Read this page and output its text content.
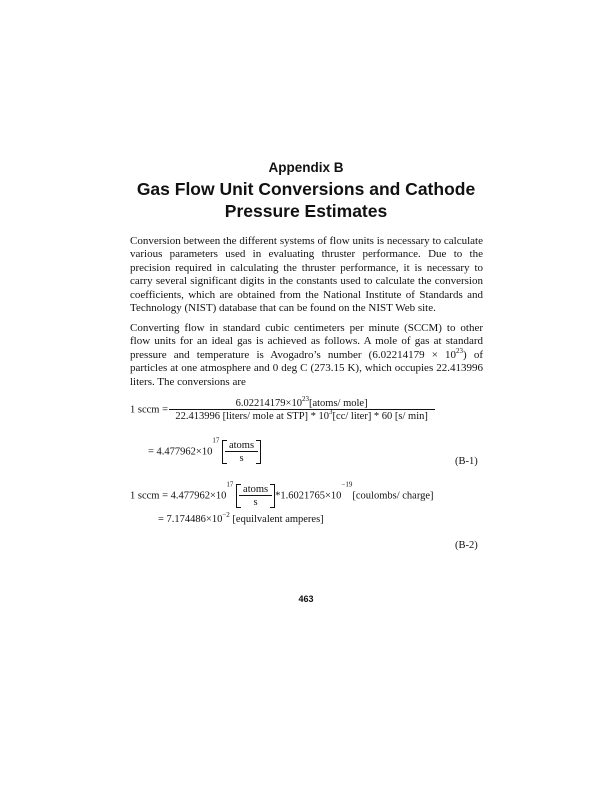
Appendix B
Gas Flow Unit Conversions and Cathode
Pressure Estimates

Conversion between the different systems of flow units is necessary to calculate various parameters used in evaluating thruster performance. Due to the precision required in calculating the thruster performance, it is necessary to carry several significant digits in the constants used to calculate the conversion coefficients, which are obtained from the National Institute of Standards and Technology (NIST) database that can be found on the NIST Web site.

Converting flow in standard cubic centimeters per minute (SCCM) to other flow units for an ideal gas is achieved as follows. A mole of gas at standard pressure and temperature is Avogadro’s number $(6.02214179 \times 10^{23})$ of particles at one atmosphere and 0 deg C (273.15 K), which occupies 22.413996 liters. The conversions are

1 sccm =
$6.02214179\times 10^{23}[atoms/$ mole]
22.413996 [liters/ mole at $STP] * 10^3[cc/$ liter] * 60 [s/ min]
(B-1)
= $4.477962\times 10^{17} \frac{\text{atoms}}{s}$
1 sccm = $4.477962\times 10^{17} \frac{\text{atoms}}{s}$ $*1.6021765\times 10^{-19}[coulombs/$ charge]
= $7.174486\times 10^{-2}$ [equilvalent amperes]
(B-2)
463
